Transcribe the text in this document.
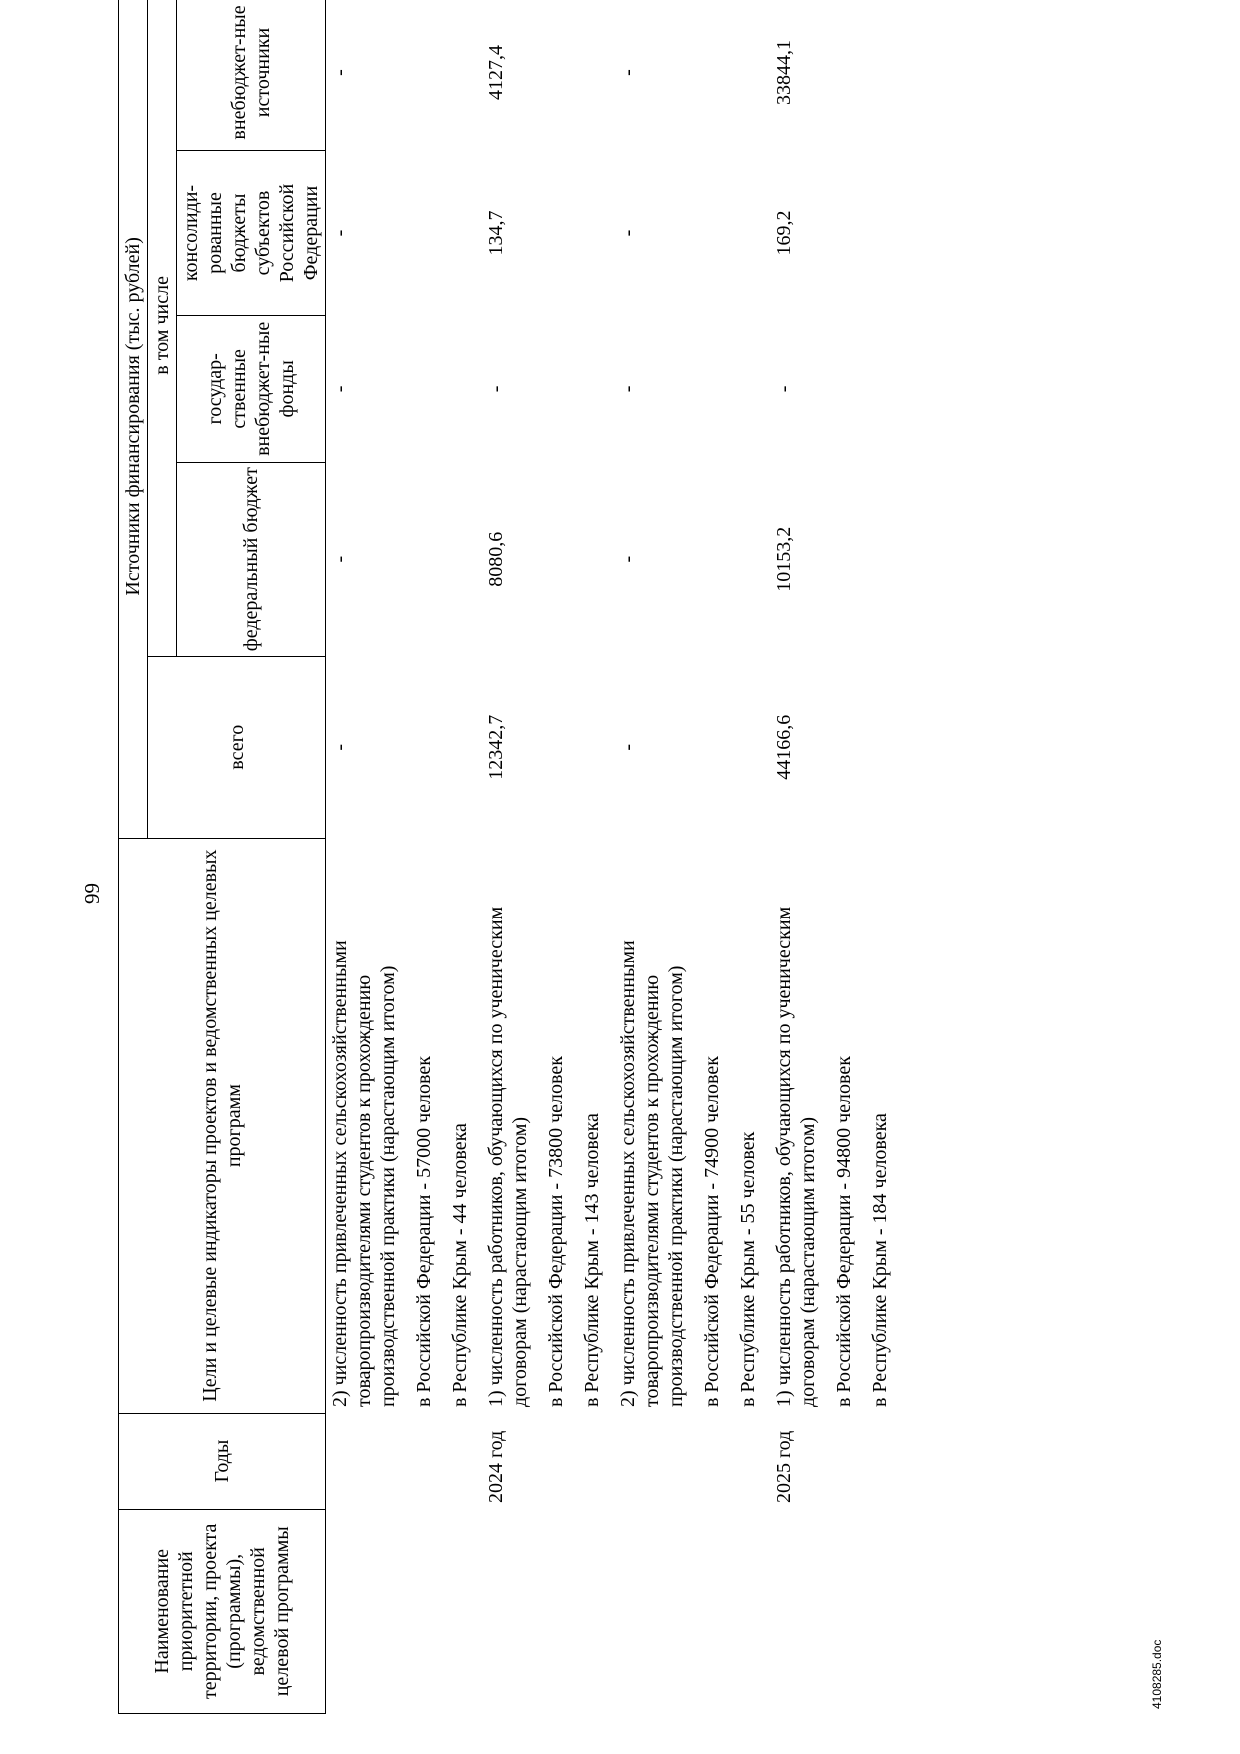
99
Наименование приоритетной территории, проекта (программы), ведомственной целевой программы	Годы	Цели и целевые индикаторы проектов и ведомственных целевых программ	Источники финансирования (тыс. рублей)				
			всего	в том числе			
				федеральный бюджет	государ-ственные внебюджет-ные фонды	консолиди-рованные бюджеты субъектов Российской Федерации	внебюджет-ные источники

		2) численность привлеченных сельскохозяйственными товаропроизводителями студентов к прохождению производственной практики (нарастающим итогом) в Российской Федерации - 57000 человек в Республике Крым - 44 человека	-	-	-	-	-
	2024 год	1) численность работников, обучающихся по ученическим договорам (нарастающим итогом) в Российской Федерации - 73800 человек в Республике Крым - 143 человека	12342,7	8080,6	-	134,7	4127,4

		2) численность привлеченных сельскохозяйственными товаропроизводителями студентов к прохождению производственной практики (нарастающим итогом) в Российской Федерации - 74900 человек в Республике Крым - 55 человек	-	-	-	-	-
	2025 год	1) численность работников, обучающихся по ученическим договорам (нарастающим итогом) в Российской Федерации - 94800 человек в Республике Крым - 184 человека	44166,6	10153,2	-	169,2	33844,1
4108285.doc
